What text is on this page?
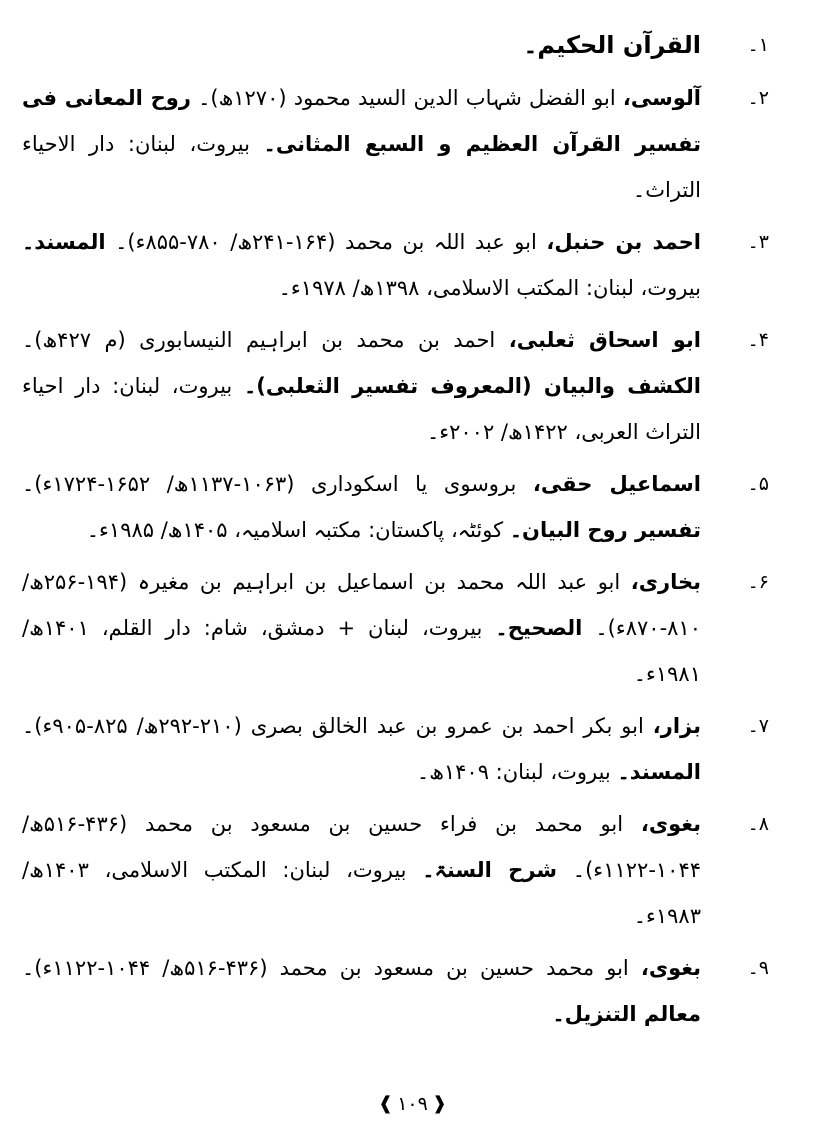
۱۔
القرآن الحکیم۔
۲۔
آلوسی، ابو الفضل شہاب الدین السید محمود (۱۲۷۰ھ)۔ روح المعانی فی تفسیر القرآن العظیم و السبع المثانی۔ بیروت، لبنان: دار الاحیاء التراث۔
۳۔
احمد بن حنبل، ابو عبد اللہ بن محمد (۱۶۴-۲۴۱ھ/ ۷۸۰-۸۵۵ء)۔ المسند۔ بیروت، لبنان: المکتب الاسلامی، ۱۳۹۸ھ/ ۱۹۷۸ء۔
۴۔
ابو اسحاق ثعلبی، احمد بن محمد بن ابراہیم النیسابوری (م ۴۲۷ھ)۔ الکشف والبیان (المعروف تفسیر الثعلبی)۔ بیروت، لبنان: دار احیاء التراث العربی، ۱۴۲۲ھ/ ۲۰۰۲ء۔
۵۔
اسماعیل حقی، بروسوی یا اسکوداری (۱۰۶۳-۱۱۳۷ھ/ ۱۶۵۲-۱۷۲۴ء)۔ تفسیر روح البیان۔ کوئٹہ، پاکستان: مکتبہ اسلامیہ، ۱۴۰۵ھ/ ۱۹۸۵ء۔
۶۔
بخاری، ابو عبد اللہ محمد بن اسماعیل بن ابراہیم بن مغیرہ (۱۹۴-۲۵۶ھ/ ۸۱۰-۸۷۰ء)۔ الصحیح۔ بیروت، لبنان + دمشق، شام: دار القلم، ۱۴۰۱ھ/ ۱۹۸۱ء۔
۷۔
بزار، ابو بکر احمد بن عمرو بن عبد الخالق بصری (۲۱۰-۲۹۲ھ/ ۸۲۵-۹۰۵ء)۔ المسند۔ بیروت، لبنان: ۱۴۰۹ھ۔
۸۔
بغوی، ابو محمد بن فراء حسین بن مسعود بن محمد (۴۳۶-۵۱۶ھ/ ۱۰۴۴-۱۱۲۲ء)۔ شرح السنۃ۔ بیروت، لبنان: المکتب الاسلامی، ۱۴۰۳ھ/ ۱۹۸۳ء۔
۹۔
بغوی، ابو محمد حسین بن مسعود بن محمد (۴۳۶-۵۱۶ھ/ ۱۰۴۴-۱۱۲۲ء)۔ معالم التنزیل۔
❰ ۱۰۹ ❱
